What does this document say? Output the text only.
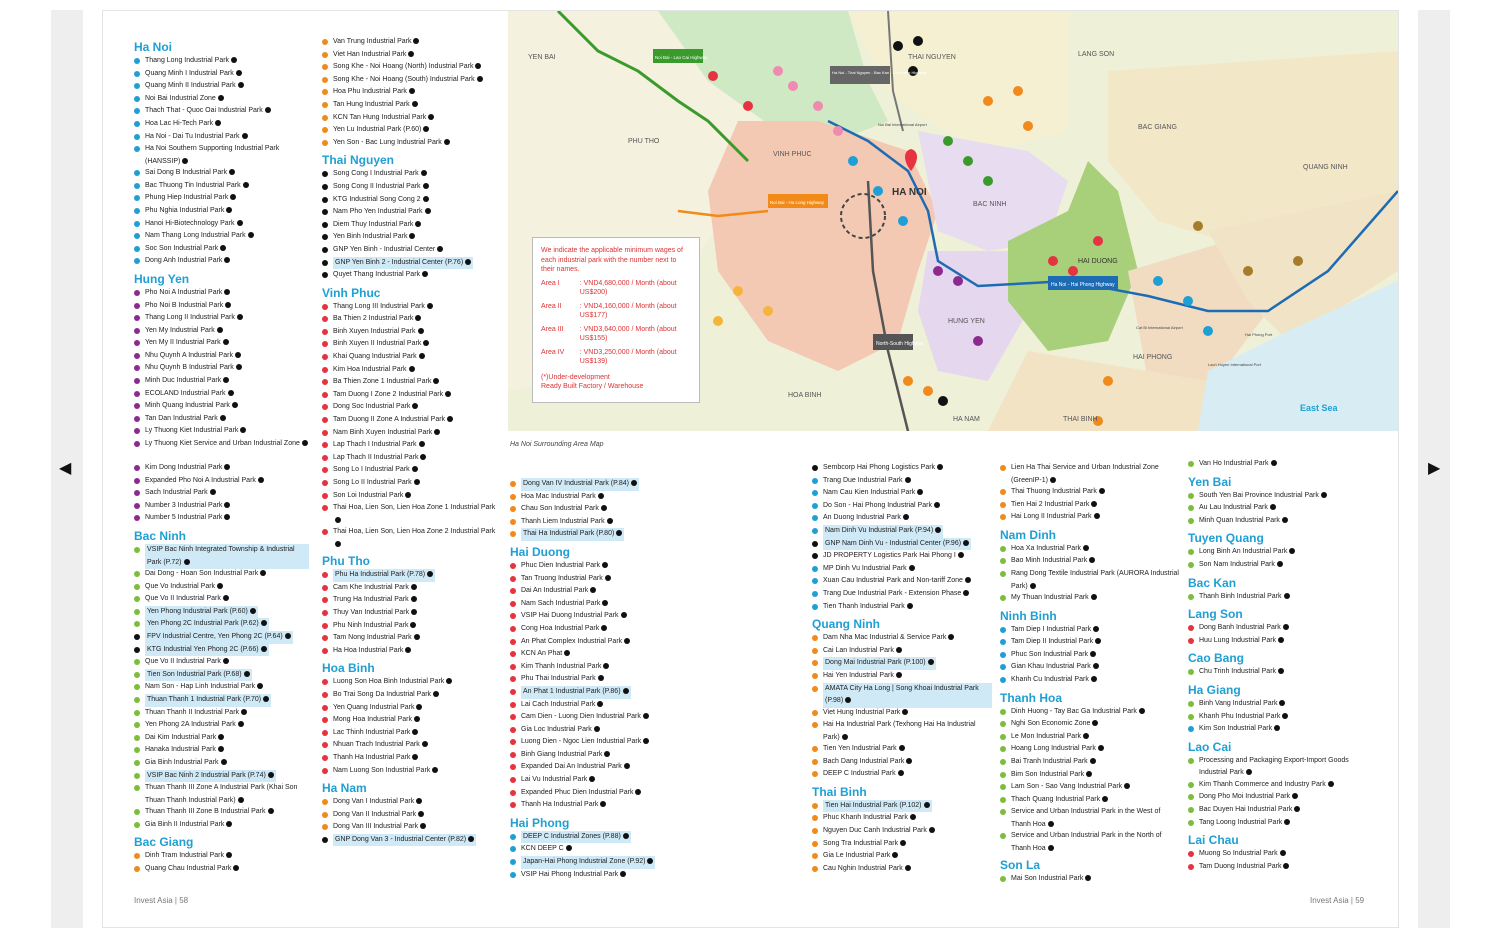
◀	▶
Ha Noi
Thang Long Industrial Park
Quang Minh I Industrial Park
Quang Minh II Industrial Park
Noi Bai Industrial Zone
Thach That - Quoc Oai Industrial Park
Hoa Lac Hi-Tech Park
Ha Noi - Dai Tu Industrial Park
Ha Noi Southern Supporting Industrial Park (HANSSIP)
Sai Dong B Industrial Park
Bac Thuong Tin Industrial Park
Phung Hiep Industrial Park
Phu Nghia Industrial Park
Hanoi Hi-Biotechnology Park
Nam Thang Long Industrial Park
Soc Son Industrial Park
Dong Anh Industrial Park
Hung Yen
Pho Noi A Industrial Park
Pho Noi B Industrial Park
Thang Long II Industrial Park
Yen My Industrial Park
Yen My II Industrial Park
Nhu Quynh A Industrial Park
Nhu Quynh B Industrial Park
Minh Duc Industrial Park
ECOLAND Industrial Park
Minh Quang Industrial Park
Tan Dan Industrial Park
Ly Thuong Kiet Industrial Park
Ly Thuong Kiet Service and Urban Industrial Zone
Kim Dong Industrial Park
Expanded Pho Noi A Industrial Park
Sach Industrial Park
Number 3 Industrial Park
Number 5 Industrial Park
Bac Ninh
VSIP Bac Ninh Integrated Township & Industrial Park (P.72)
Dai Dong - Hoan Son Industrial Park
Que Vo Industrial Park
Que Vo II Industrial Park
Yen Phong Industrial Park (P.60)
Yen Phong 2C Industrial Park (P.62)
FPV Industrial Centre, Yen Phong 2C (P.64)
KTG Industrial Yen Phong 2C (P.66)
Que Vo II Industrial Park
Tien Son Industrial Park (P.68)
Nam Son - Hap Linh Industrial Park
Thuan Thanh 1 Industrial Park (P.70)
Thuan Thanh II Industrial Park
Yen Phong 2A Industrial Park
Dai Kim Industrial Park
Hanaka Industrial Park
Gia Binh Industrial Park
VSIP Bac Ninh 2 Industrial Park (P.74)
Thuan Thanh III Zone A Industrial Park (Khai Son Thuan Thanh Industrial Park)
Thuan Thanh III Zone B Industrial Park
Gia Binh II Industrial Park
Bac Giang
Dinh Tram Industrial Park
Quang Chau Industrial Park
Van Trung Industrial Park
Viet Han Industrial Park
Song Khe - Noi Hoang (North) Industrial Park
Song Khe - Noi Hoang (South) Industrial Park
Hoa Phu Industrial Park
Tan Hung Industrial Park
KCN Tan Hung Industrial Park
Yen Lu Industrial Park (P.60)
Yen Son - Bac Lung Industrial Park
Thai Nguyen
Song Cong I Industrial Park
Song Cong II Industrial Park
KTG Industrial Song Cong 2
Nam Pho Yen Industrial Park
Diem Thuy Industrial Park
Yen Binh Industrial Park
GNP Yen Binh - Industrial Center
GNP Yen Binh 2 - Industrial Center (P.76)
Quyet Thang Industrial Park
Vinh Phuc
Thang Long III Industrial Park
Ba Thien 2 Industrial Park
Binh Xuyen Industrial Park
Binh Xuyen II Industrial Park
Khai Quang Industrial Park
Kim Hoa Industrial Park
Ba Thien Zone 1 Industrial Park
Tam Duong I Zone 2 Industrial Park
Dong Soc Industrial Park
Tam Duong II Zone A Industrial Park
Nam Binh Xuyen Industrial Park
Lap Thach I Industrial Park
Lap Thach II Industrial Park
Song Lo I Industrial Park
Song Lo II Industrial Park
Son Loi Industrial Park
Thai Hoa, Lien Son, Lien Hoa Zone 1 Industrial Park
Thai Hoa, Lien Son, Lien Hoa Zone 2 Industrial Park
Phu Tho
Phu Ha Industrial Park (P.78)
Cam Khe Industrial Park
Trung Ha Industrial Park
Thuy Van Industrial Park
Phu Ninh Industrial Park
Tam Nong Industrial Park
Ha Hoa Industrial Park
Hoa Binh
Luong Son Hoa Binh Industrial Park
Bo Trai Song Da Industrial Park
Yen Quang Industrial Park
Mong Hoa Industrial Park
Lac Thinh Industrial Park
Nhuan Trach Industrial Park
Thanh Ha Industrial Park
Nam Luong Son Industrial Park
Ha Nam
Dong Van I Industrial Park
Dong Van II Industrial Park
Dong Van III Industrial Park
GNP Dong Van 3 - Industrial Center (P.82)
Dong Van IV Industrial Park (P.84)
Hoa Mac Industrial Park
Chau Son Industrial Park
Thanh Liem Industrial Park
Thai Ha Industrial Park (P.80)
Hai Duong
Phuc Dien Industrial Park
Tan Truong Industrial Park
Dai An Industrial Park
Nam Sach Industrial Park
VSIP Hai Duong Industrial Park
Cong Hoa Industrial Park
An Phat Complex Industrial Park
KCN An Phat
Kim Thanh Industrial Park
Phu Thai Industrial Park
An Phat 1 Industrial Park (P.86)
Lai Cach Industrial Park
Cam Dien - Luong Dien Industrial Park
Gia Loc Industrial Park
Luong Dien - Ngoc Lien Industrial Park
Binh Giang Industrial Park
Expanded Dai An Industrial Park
Lai Vu Industrial Park
Expanded Phuc Dien Industrial Park
Thanh Ha Industrial Park
Hai Phong
DEEP C Industrial Zones (P.88)
KCN DEEP C
Japan-Hai Phong Industrial Zone (P.92)
VSIP Hai Phong Industrial Park
Sembcorp Hai Phong Logistics Park
Trang Due Industrial Park
Nam Cau Kien Industrial Park
Do Son - Hai Phong Industrial Park
An Duong Industrial Park
Nam Dinh Vu Industrial Park (P.94)
GNP Nam Dinh Vu - Industrial Center (P.96)
JD PROPERTY Logistics Park Hai Phong I
MP Dinh Vu Industrial Park
Xuan Cau Industrial Park and Non-tariff Zone
Trang Due Industrial Park - Extension Phase
Tien Thanh Industrial Park
Quang Ninh
Dam Nha Mac Industrial & Service Park
Cai Lan Industrial Park
Dong Mai Industrial Park (P.100)
Hai Yen Industrial Park
AMATA City Ha Long | Song Khoai Industrial Park (P.98)
Viet Hung Industrial Park
Hai Ha Industrial Park (Texhong Hai Ha Industrial Park)
Tien Yen Industrial Park
Bach Dang Industrial Park
DEEP C Industrial Park
Thai Binh
Tien Hai Industrial Park (P.102)
Phuc Khanh Industrial Park
Nguyen Duc Canh Industrial Park
Song Tra Industrial Park
Gia Le Industrial Park
Cau Nghin Industrial Park
Lien Ha Thai Service and Urban Industrial Zone (GreenIP-1)
Thai Thuong Industrial Park
Tien Hai 2 Industrial Park
Hai Long II Industrial Park
Nam Dinh
Hoa Xa Industrial Park
Bao Minh Industrial Park
Rang Dong Textile Industrial Park (AURORA Industrial Park)
My Thuan Industrial Park
Ninh Binh
Tam Diep I Industrial Park
Tam Diep II Industrial Park
Phuc Son Industrial Park
Gian Khau Industrial Park
Khanh Cu Industrial Park
Thanh Hoa
Dinh Huong - Tay Bac Ga Industrial Park
Nghi Son Economic Zone
Le Mon Industrial Park
Hoang Long Industrial Park
Bai Tranh Industrial Park
Bim Son Industrial Park
Lam Son - Sao Vang Industrial Park
Thach Quang Industrial Park
Service and Urban Industrial Park in the West of Thanh Hoa
Service and Urban Industrial Park in the North of Thanh Hoa
Son La
Mai Son Industrial Park
Van Ho Industrial Park
Yen Bai
South Yen Bai Province Industrial Park
Au Lau Industrial Park
Minh Quan Industrial Park
Tuyen Quang
Long Binh An Industrial Park
Son Nam Industrial Park
Bac Kan
Thanh Binh Industrial Park
Lang Son
Dong Banh Industrial Park
Huu Lung Industrial Park
Cao Bang
Chu Trinh Industrial Park
Ha Giang
Binh Vang Industrial Park
Khanh Phu Industrial Park
Kim Son Industrial Park
Lao Cai
Processing and Packaging Export-Import Goods Industrial Park
Kim Thanh Commerce and Industry Park
Dong Pho Moi Industrial Park
Bac Duyen Hai Industrial Park
Tang Loong Industrial Park
Lai Chau
Muong So Industrial Park
Tam Duong Industrial Park
YEN BAI	THAI NGUYEN	LANG SON
BAC GIANG
QUANG NINH
PHU THO
VINH PHUC
HA NOI
BAC NINH
HAI DUONG
HUNG YEN
HAI PHONG
HOA BINH
HA NAM	THAI BINH
East Sea
Ha Noi - Hai Phong Highway
Noi Bai - Lao Cai Highway
Noi Bai - Ha Long Highway
Ha Noi - Thai Nguyen - Bac Kan - Cao Bang Highway
North-South Highway
Noi Bai International Airport
Cat Bi International Airport
Hai Phong Port
Lach Huyen International Port
We indicate the applicable minimum wages of each industrial park with the number next to their names.
Area I	: VND4,680,000 / Month (about US$200)
Area II	: VND4,160,000 / Month (about US$177)
Area III	: VND3,640,000 / Month (about US$155)
Area IV	: VND3,250,000 / Month (about US$139)
(*)Under-development
Ready Built Factory / Warehouse
Ha Noi Surrounding Area Map
Invest Asia | 58	Invest Asia | 59
